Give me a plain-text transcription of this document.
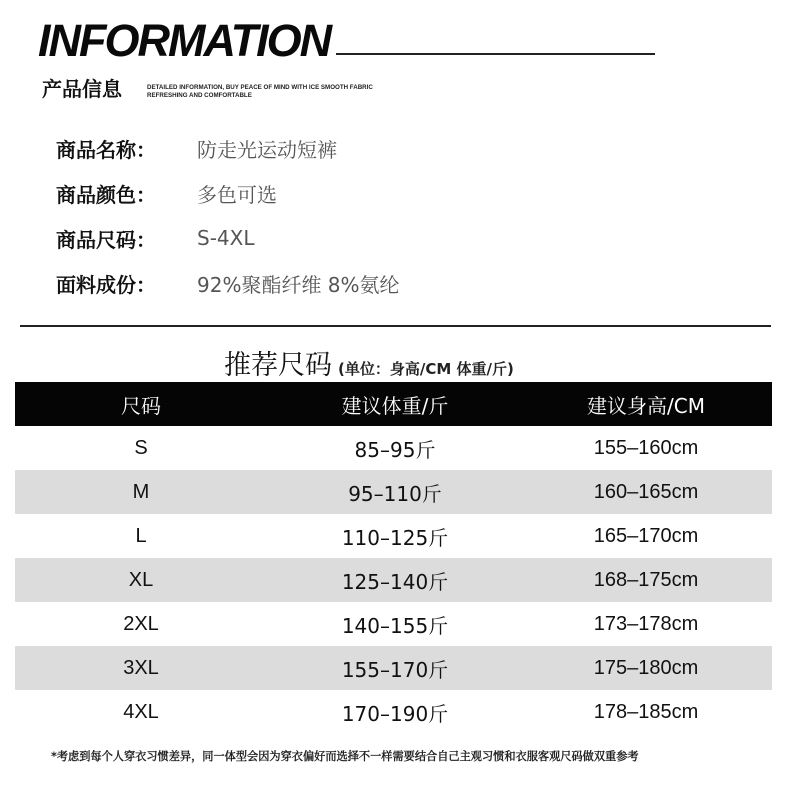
INFORMATION
产品信息	DETAILED INFORMATION, BUY PEACE OF MIND WITH ICE SMOOTH FABRIC
REFRESHING AND COMFORTABLE
商品名称：	防走光运动短裤
商品颜色：	多色可选
商品尺码：	S-4XL
面料成份：	92%聚酯纤维 8%氨纶
推荐尺码 (单位：身高/CM 体重/斤)
尺码	建议体重/斤	建议身高/CM
S	85–95斤	155–160cm
M	95–110斤	160–165cm
L	110–125斤	165–170cm
XL	125–140斤	168–175cm
2XL	140–155斤	173–178cm
3XL	155–170斤	175–180cm
4XL	170–190斤	178–185cm
*考虑到每个人穿衣习惯差异，同一体型会因为穿衣偏好而选择不一样需要结合自己主观习惯和衣服客观尺码做双重参考
